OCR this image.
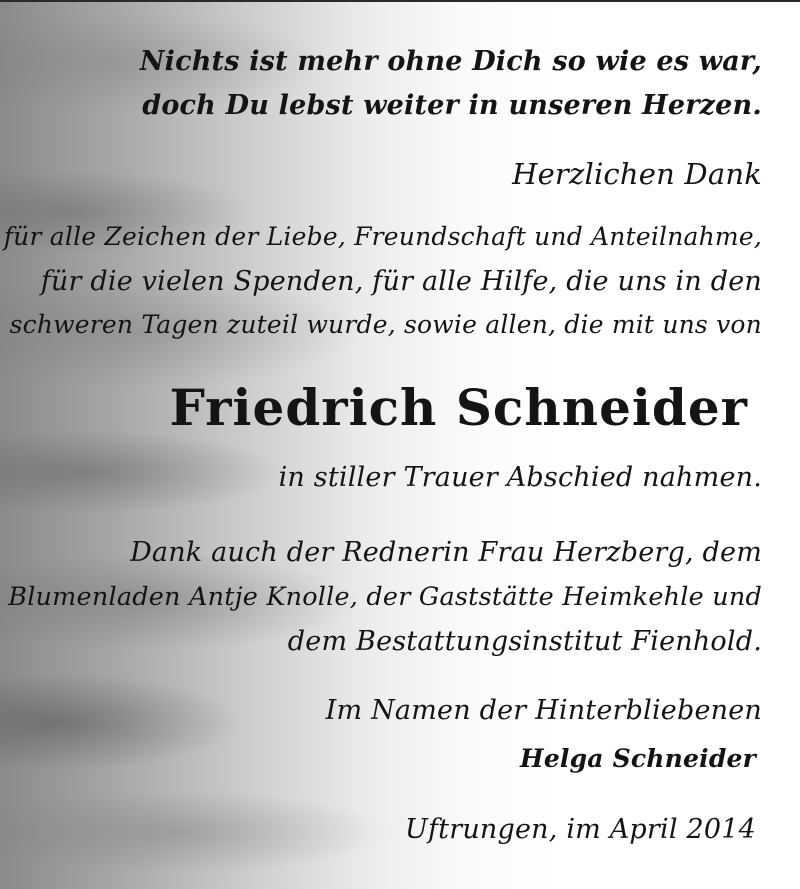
Nichts ist mehr ohne Dich so wie es war,

doch Du lebst weiter in unseren Herzen.

Herzlichen Dank

für alle Zeichen der Liebe, Freundschaft und Anteilnahme,

für die vielen Spenden, für alle Hilfe, die uns in den

schweren Tagen zuteil wurde, sowie allen, die mit uns von

Friedrich Schneider

in stiller Trauer Abschied nahmen.

Dank auch der Rednerin Frau Herzberg, dem

Blumenladen Antje Knolle, der Gaststätte Heimkehle und

dem Bestattungsinstitut Fienhold.

Im Namen der Hinterbliebenen

Helga Schneider

Uftrungen, im April 2014
